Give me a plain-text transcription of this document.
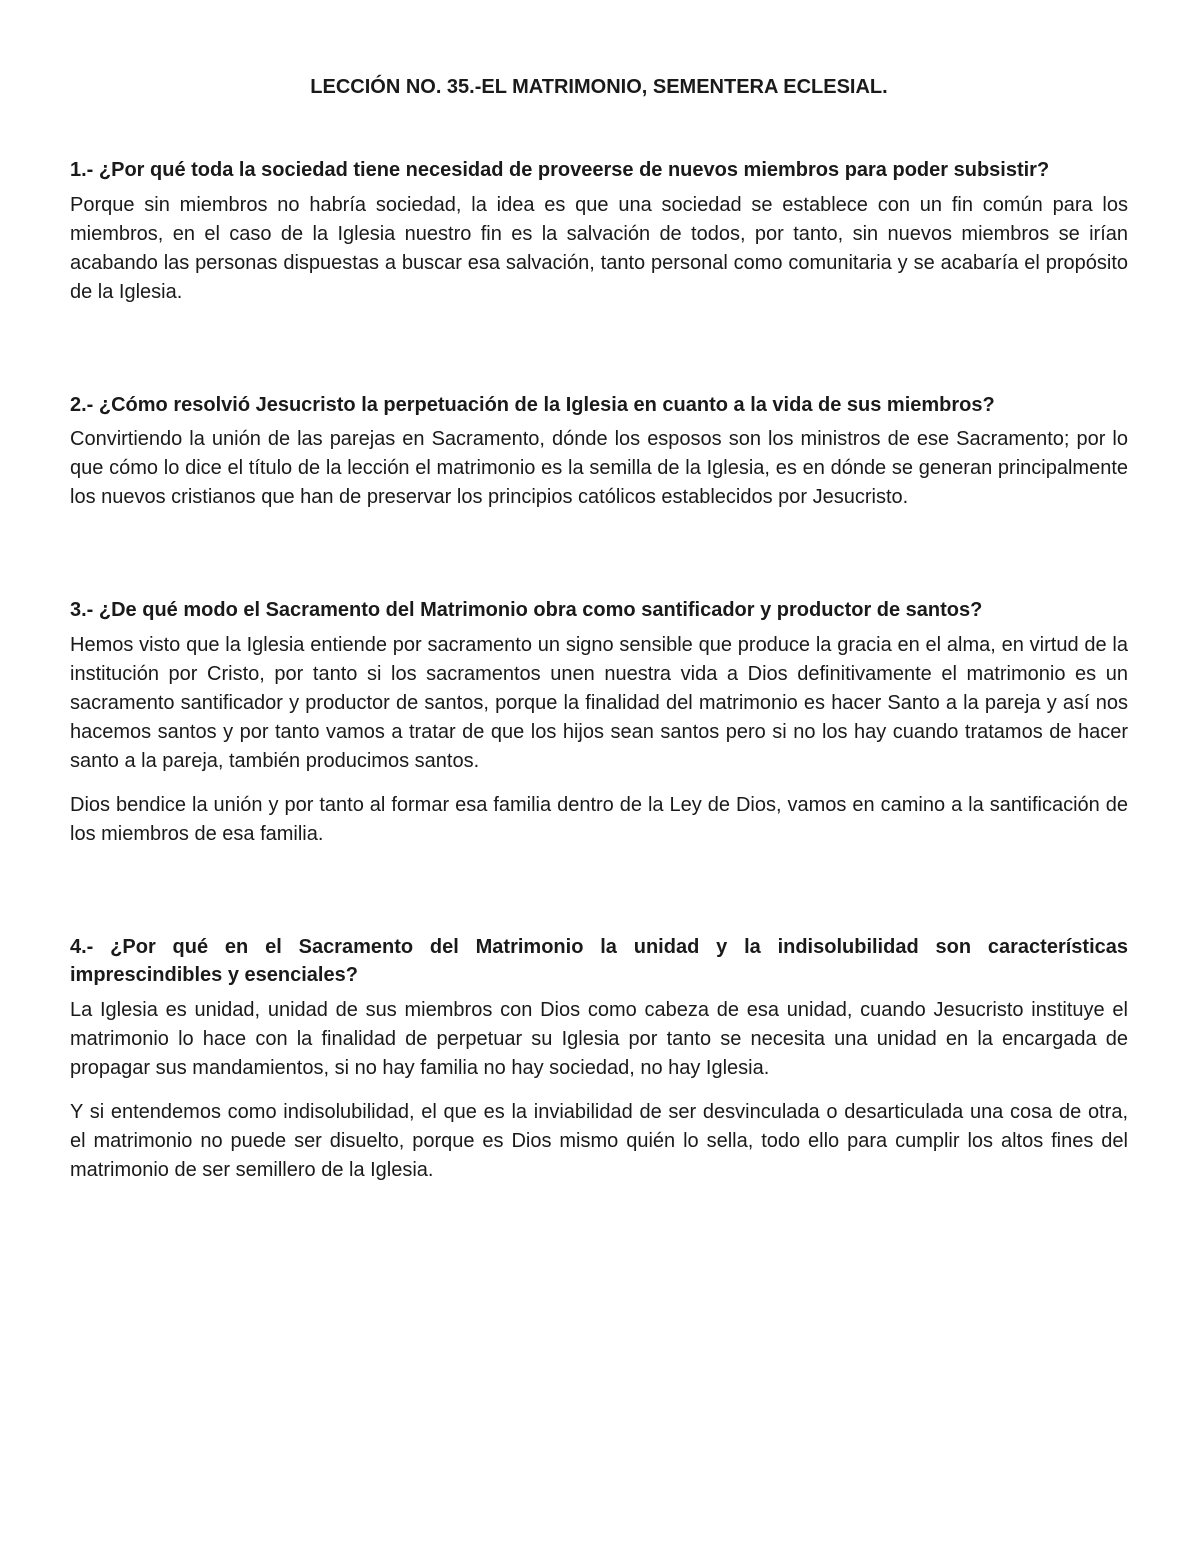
LECCIÓN NO. 35.-EL MATRIMONIO, SEMENTERA ECLESIAL.

1.- ¿Por qué toda la sociedad tiene necesidad de proveerse de nuevos miembros para poder subsistir?

Porque sin miembros no habría sociedad, la idea es que una sociedad se establece con un fin común para los miembros, en el caso de la Iglesia nuestro fin es la salvación de todos, por tanto, sin nuevos miembros se irían acabando las personas dispuestas a buscar esa salvación, tanto personal como comunitaria y se acabaría el propósito de la Iglesia.

2.- ¿Cómo resolvió Jesucristo la perpetuación de la Iglesia en cuanto a la vida de sus miembros?

Convirtiendo la unión de las parejas en Sacramento, dónde los esposos son los ministros de ese Sacramento; por lo que cómo lo dice el título de la lección el matrimonio es la semilla de la Iglesia, es en dónde se generan principalmente los nuevos cristianos que han de preservar los principios católicos establecidos por Jesucristo.

3.- ¿De qué modo el Sacramento del Matrimonio obra como santificador y productor de santos?

Hemos visto que la Iglesia entiende por sacramento un signo sensible que produce la gracia en el alma, en virtud de la institución por Cristo, por tanto si los sacramentos unen nuestra vida a Dios definitivamente el matrimonio es un sacramento santificador y productor de santos, porque la finalidad del matrimonio es hacer Santo a la pareja y así nos hacemos santos y por tanto vamos a tratar de que los hijos sean santos pero si no los hay cuando tratamos de hacer santo a la pareja, también producimos santos.

Dios bendice la unión y por tanto al formar esa familia dentro de la Ley de Dios, vamos en camino a la santificación de los miembros de esa familia.

4.- ¿Por qué en el Sacramento del Matrimonio la unidad y la indisolubilidad son características imprescindibles y esenciales?

La Iglesia es unidad, unidad de sus miembros con Dios como cabeza de esa unidad, cuando Jesucristo instituye el matrimonio lo hace con la finalidad de perpetuar su Iglesia por tanto se necesita una unidad en la encargada de propagar sus mandamientos, si no hay familia no hay sociedad, no hay Iglesia.

Y si entendemos como indisolubilidad, el que es la inviabilidad de ser desvinculada o desarticulada una cosa de otra, el matrimonio no puede ser disuelto, porque es Dios mismo quién lo sella, todo ello para cumplir los altos fines del matrimonio de ser semillero de la Iglesia.
